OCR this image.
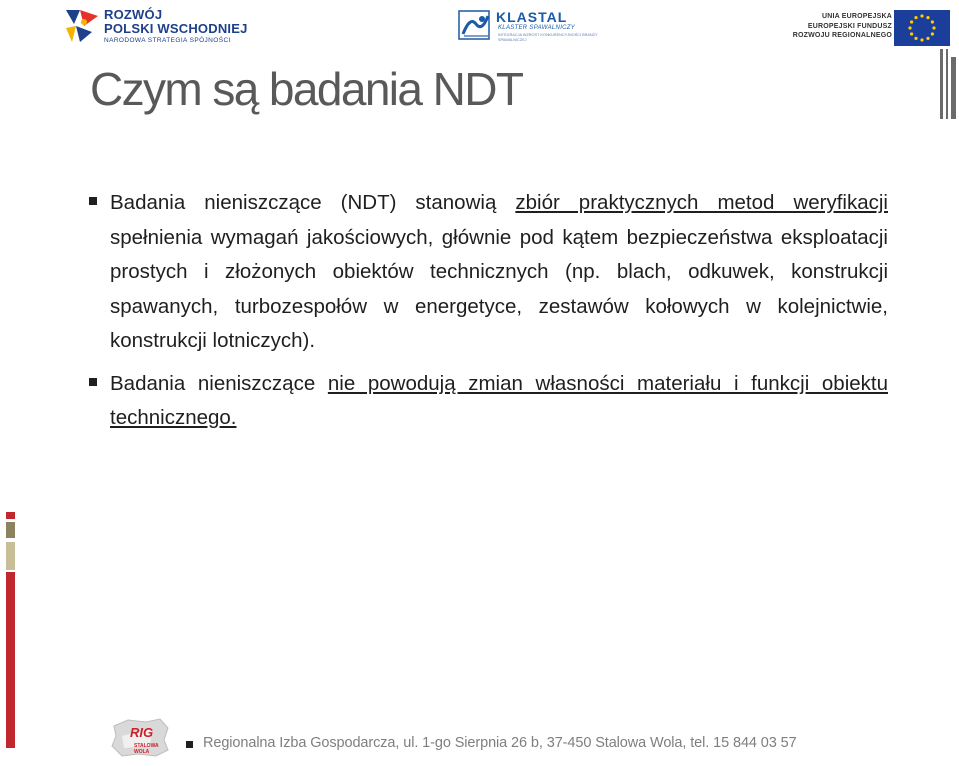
ROZWÓJ
POLSKI WSCHODNIEJ
NARODOWA STRATEGIA SPÓJNOŚCI
KLASTAL
KLASTER SPAWALNICZY
INTEGRACJA WZROST KONKURENCYJNOŚCI BRANŻY SPAWALNICZEJ
UNIA EUROPEJSKA
EUROPEJSKI FUNDUSZ
ROZWOJU REGIONALNEGO
Czym są badania NDT
Badania nieniszczące (NDT) stanowią zbiór praktycznych metod weryfikacji spełnienia wymagań jakościowych, głównie pod kątem bezpieczeństwa eksploatacji prostych i złożonych obiektów technicznych (np. blach, odkuwek, konstrukcji spawanych, turbozespołów w energetyce, zestawów kołowych w kolejnictwie, konstrukcji lotniczych).
Badania nieniszczące nie powodują zmian własności materiału i funkcji obiektu technicznego.
RIG
STALOWA WOLA
Regionalna Izba Gospodarcza, ul. 1-go Sierpnia 26 b, 37-450 Stalowa Wola, tel. 15 844 03 57
